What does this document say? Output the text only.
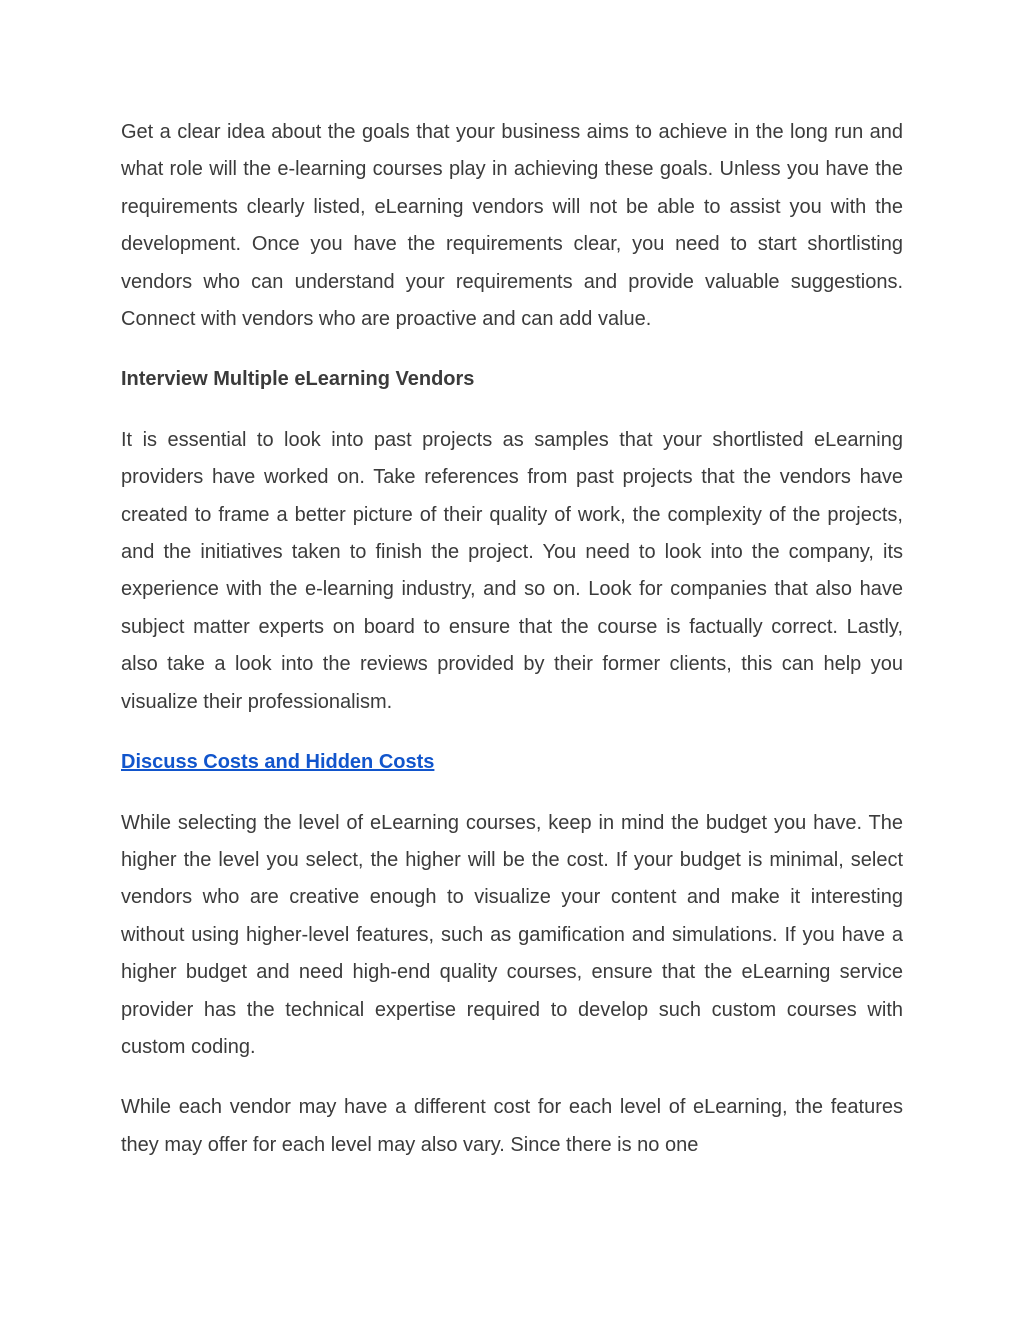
Get a clear idea about the goals that your business aims to achieve in the long run and what role will the e-learning courses play in achieving these goals. Unless you have the requirements clearly listed, eLearning vendors will not be able to assist you with the development. Once you have the requirements clear, you need to start shortlisting vendors who can understand your requirements and provide valuable suggestions. Connect with vendors who are proactive and can add value.

Interview Multiple eLearning Vendors

It is essential to look into past projects as samples that your shortlisted eLearning providers have worked on. Take references from past projects that the vendors have created to frame a better picture of their quality of work, the complexity of the projects, and the initiatives taken to finish the project. You need to look into the company, its experience with the e-learning industry, and so on. Look for companies that also have subject matter experts on board to ensure that the course is factually correct. Lastly, also take a look into the reviews provided by their former clients, this can help you visualize their professionalism.

Discuss Costs and Hidden Costs

While selecting the level of eLearning courses, keep in mind the budget you have. The higher the level you select, the higher will be the cost. If your budget is minimal, select vendors who are creative enough to visualize your content and make it interesting without using higher-level features, such as gamification and simulations. If you have a higher budget and need high-end quality courses, ensure that the eLearning service provider has the technical expertise required to develop such custom courses with custom coding.

While each vendor may have a different cost for each level of eLearning, the features they may offer for each level may also vary. Since there is no one
